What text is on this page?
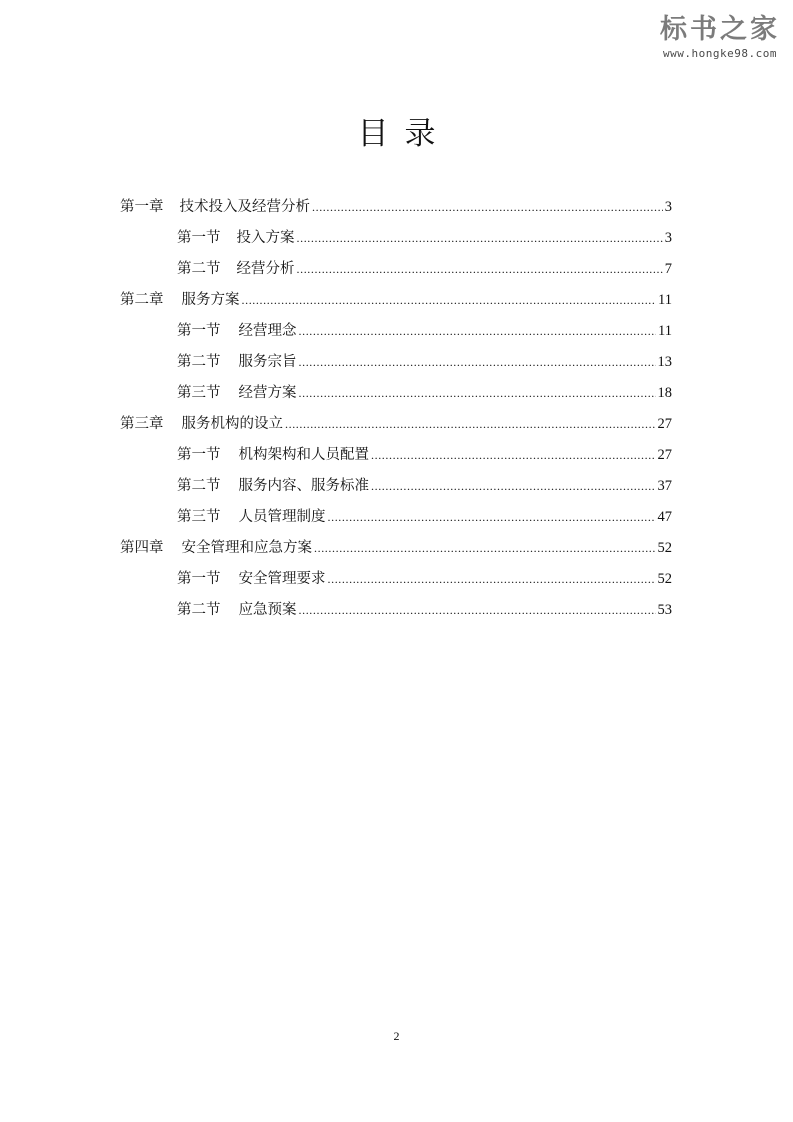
标书之家
www.hongke98.com
目录
第一章 技术投入及经营分析 .....	3
第一节 投入方案 .....	3
第二节 经营分析 .....	7
第二章 服务方案 .....	11
第一节 经营理念 .....	11
第二节 服务宗旨 .....	13
第三节 经营方案 .....	18
第三章 服务机构的设立 .....	27
第一节 机构架构和人员配置 .....	27
第二节 服务内容、服务标准 .....	37
第三节 人员管理制度 .....	47
第四章 安全管理和应急方案 .....	52
第一节 安全管理要求 .....	52
第二节 应急预案 .....	53
2
